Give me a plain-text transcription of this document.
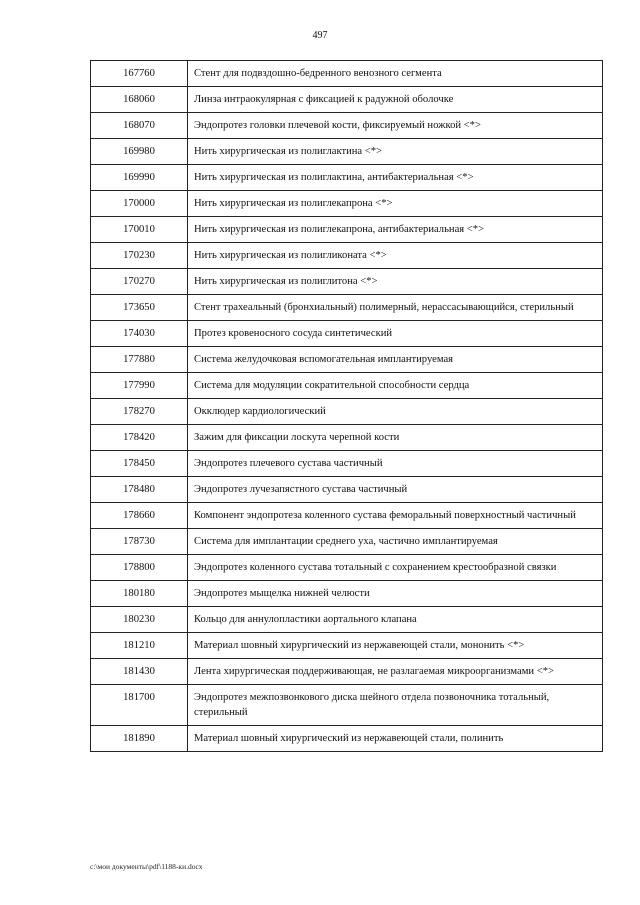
497
167760	Стент для подвздошно-бедренного венозного сегмента
168060	Линза интраокулярная с фиксацией к радужной оболочке
168070	Эндопротез головки плечевой кости, фиксируемый ножкой <*>
169980	Нить хирургическая из полиглактина <*>
169990	Нить хирургическая из полиглактина, антибактериальная <*>
170000	Нить хирургическая из полиглекапрона <*>
170010	Нить хирургическая из полиглекапрона, антибактериальная <*>
170230	Нить хирургическая из полигликоната <*>
170270	Нить хирургическая из полиглитона <*>
173650	Стент трахеальный (бронхиальный) полимерный, нерассасывающийся, стерильный
174030	Протез кровеносного сосуда синтетический
177880	Система желудочковая вспомогательная имплантируемая
177990	Система для модуляции сократительной способности сердца
178270	Окклюдер кардиологический
178420	Зажим для фиксации лоскута черепной кости
178450	Эндопротез плечевого сустава частичный
178480	Эндопротез лучезапястного сустава частичный
178660	Компонент эндопротеза коленного сустава феморальный поверхностный частичный
178730	Система для имплантации среднего уха, частично имплантируемая
178800	Эндопротез коленного сустава тотальный с сохранением крестообразной связки
180180	Эндопротез мыщелка нижней челюсти
180230	Кольцо для аннулопластики аортального клапана
181210	Материал шовный хирургический из нержавеющей стали, мононить <*>
181430	Лента хирургическая поддерживающая, не разлагаемая микроорганизмами <*>
181700	Эндопротез межпозвонкового диска шейного отдела позвоночника тотальный, стерильный
181890	Материал шовный хирургический из нержавеющей стали, полинить
c:\мои документы\pdf\1188-ки.docx
